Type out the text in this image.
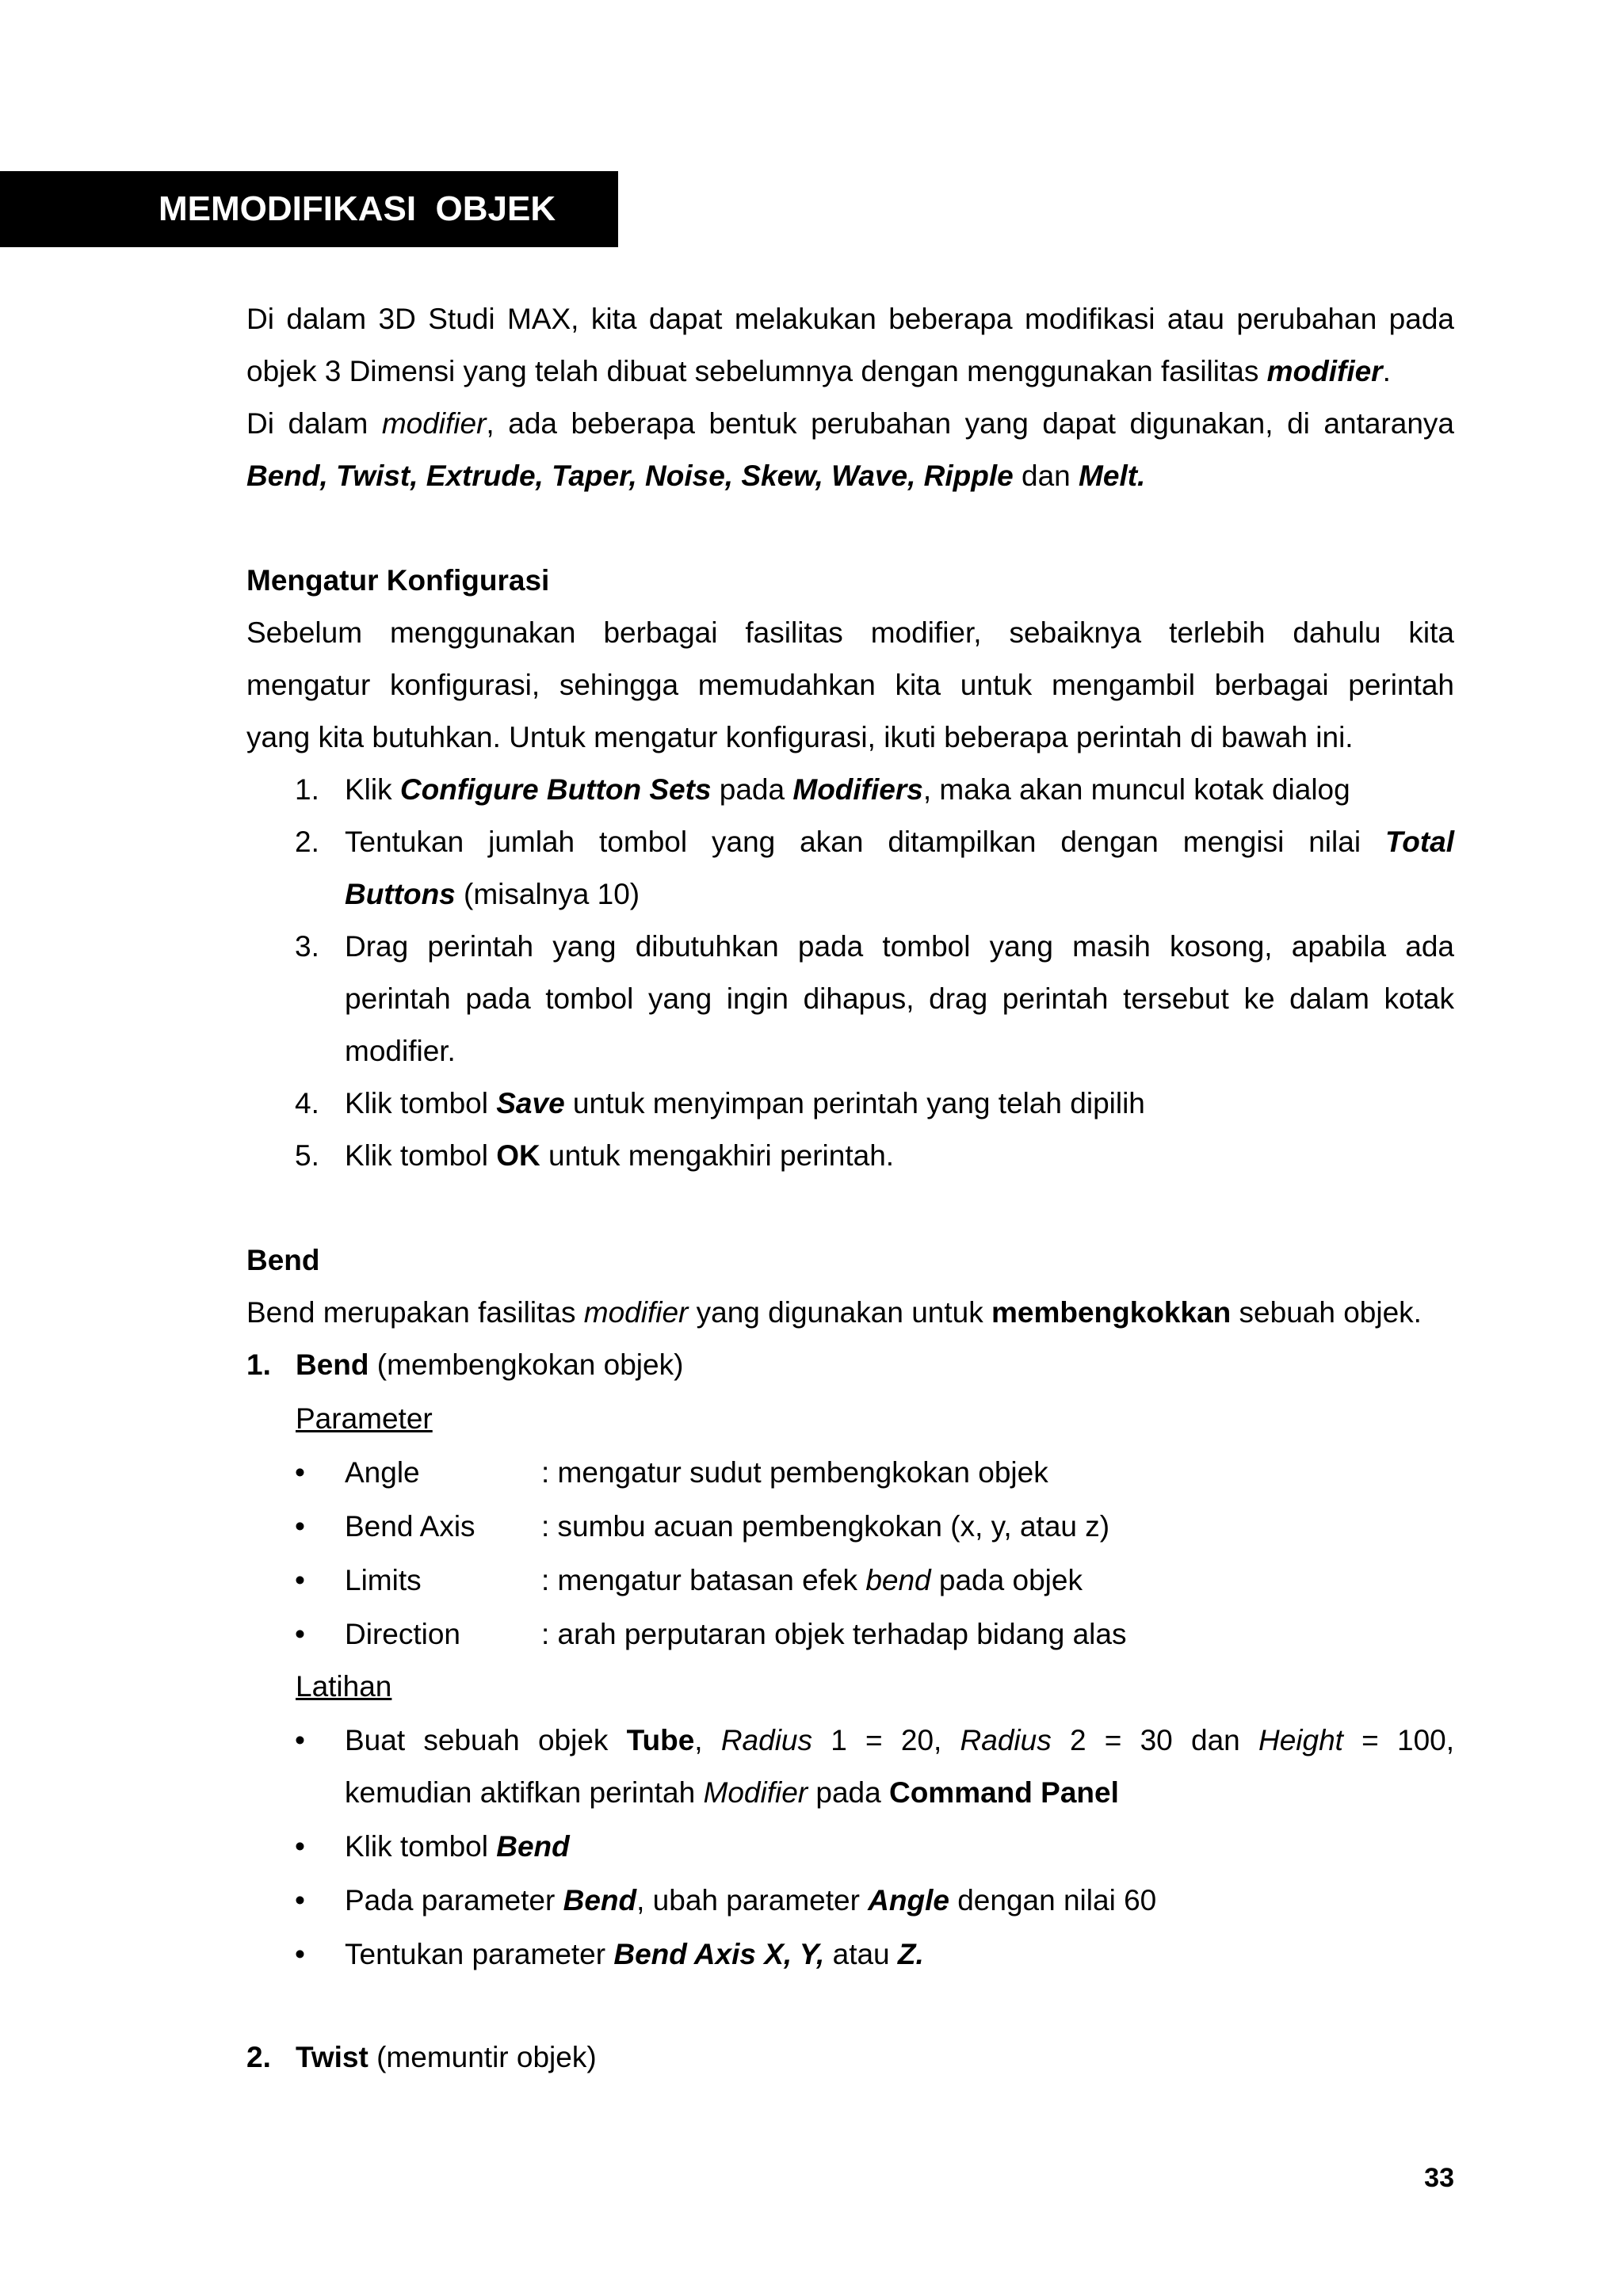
MEMODIFIKASI  OBJEK
Di dalam 3D Studi MAX, kita dapat melakukan beberapa modifikasi atau perubahan pada
objek 3 Dimensi yang telah dibuat sebelumnya dengan menggunakan fasilitas modifier.
Di dalam modifier, ada beberapa bentuk perubahan yang dapat digunakan, di antaranya
Bend, Twist, Extrude, Taper, Noise, Skew, Wave, Ripple dan Melt.
Mengatur Konfigurasi
Sebelum menggunakan berbagai fasilitas modifier, sebaiknya terlebih dahulu kita
mengatur konfigurasi, sehingga memudahkan kita untuk mengambil berbagai perintah
yang kita butuhkan. Untuk mengatur konfigurasi, ikuti beberapa perintah di bawah ini.
1. Klik Configure Button Sets pada Modifiers, maka akan muncul kotak dialog
2. Tentukan jumlah tombol yang akan ditampilkan dengan mengisi nilai Total
Buttons (misalnya 10)
3. Drag perintah yang dibutuhkan pada tombol yang masih kosong, apabila ada
perintah pada tombol yang ingin dihapus, drag perintah tersebut ke dalam kotak
modifier.
4. Klik tombol Save untuk menyimpan perintah yang telah dipilih
5. Klik tombol OK untuk mengakhiri perintah.
Bend
Bend merupakan fasilitas modifier yang digunakan untuk membengkokkan sebuah objek.
1. Bend (membengkokan objek)
Parameter
• Angle	: mengatur sudut pembengkokan objek
• Bend Axis	: sumbu acuan pembengkokan (x, y, atau z)
• Limits	: mengatur batasan efek bend pada objek
• Direction	: arah perputaran objek terhadap bidang alas
Latihan
• Buat sebuah objek Tube, Radius 1 = 20, Radius 2 = 30 dan Height = 100,
kemudian aktifkan perintah Modifier pada Command Panel
• Klik tombol Bend
• Pada parameter Bend, ubah parameter Angle dengan nilai 60
• Tentukan parameter Bend Axis X, Y, atau Z.
2. Twist (memuntir objek)
33
